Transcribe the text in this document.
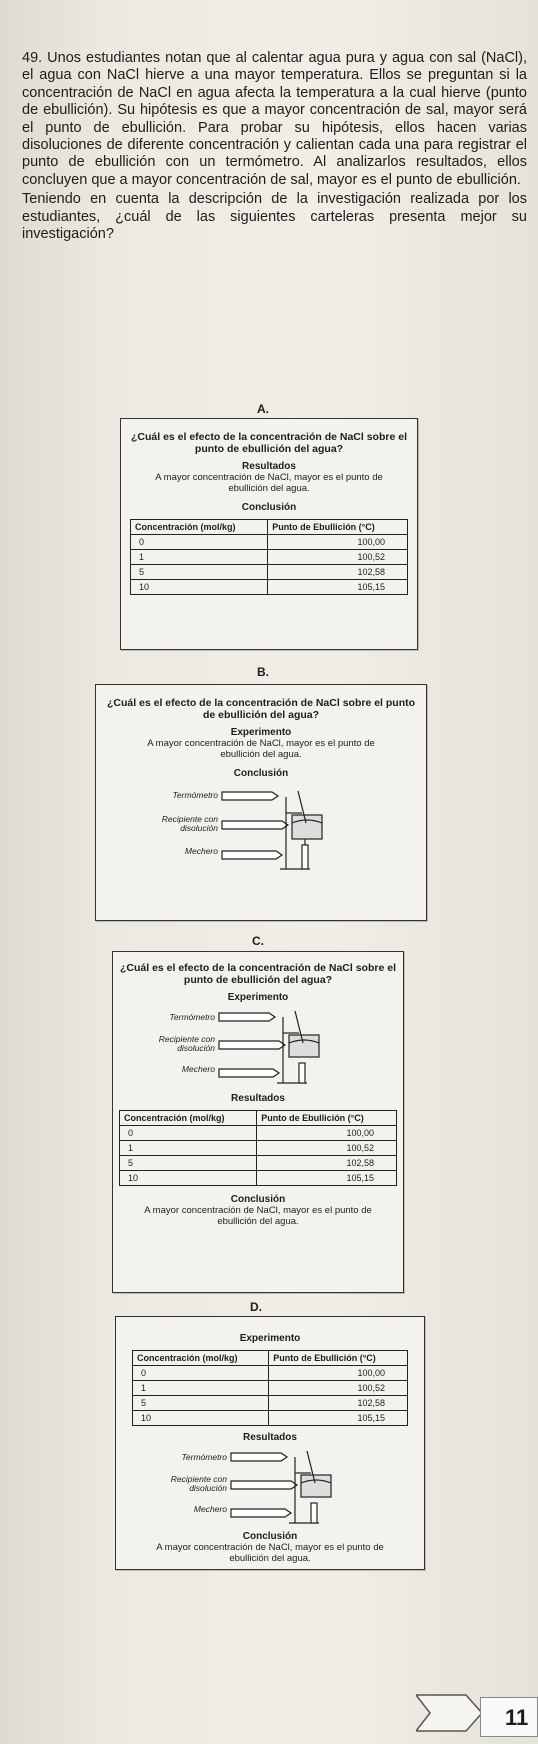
49. Unos estudiantes notan que al calentar agua pura y agua con sal (NaCl), el agua con NaCl hierve a una mayor temperatura. Ellos se preguntan si la concentración de NaCl en agua afecta la temperatura a la cual hierve (punto de ebullición). Su hipótesis es que a mayor concentración de sal, mayor será el punto de ebullición. Para probar su hipótesis, ellos hacen varias disoluciones de diferente concentración y calientan cada una para registrar el punto de ebullición con un termómetro. Al analizarlos resultados, ellos concluyen que a mayor concentración de sal, mayor es el punto de ebullición.

Teniendo en cuenta la descripción de la investigación realizada por los estudiantes, ¿cuál de las siguientes carteleras presenta mejor su investigación?

A.
¿Cuál es el efecto de la concentración de NaCl sobre el punto de ebullición del agua?
Resultados
A mayor concentración de NaCl, mayor es el punto de ebullición del agua.
Conclusión
Concentración (mol/kg)	Punto de Ebullición (°C)
0	100,00
1	100,52
5	102,58
10	105,15
B.
¿Cuál es el efecto de la concentración de NaCl sobre el punto de ebullición del agua?
Experimento
A mayor concentración de NaCl, mayor es el punto de ebullición del agua.
Conclusión
Termómetro
Recipiente con
disolución
Mechero
C.
¿Cuál es el efecto de la concentración de NaCl sobre el punto de ebullición del agua?
Experimento
Termómetro
Recipiente con
disolución
Mechero
Resultados
Concentración (mol/kg)	Punto de Ebullición (°C)
0	100,00
1	100,52
5	102,58
10	105,15
Conclusión
A mayor concentración de NaCl, mayor es el punto de ebullición del agua.
D.
Experimento
Concentración (mol/kg)	Punto de Ebullición (°C)
0	100,00
1	100,52
5	102,58
10	105,15
Resultados
Termómetro
Recipiente con
disolución
Mechero
Conclusión
A mayor concentración de NaCl, mayor es el punto de ebullición del agua.
11
